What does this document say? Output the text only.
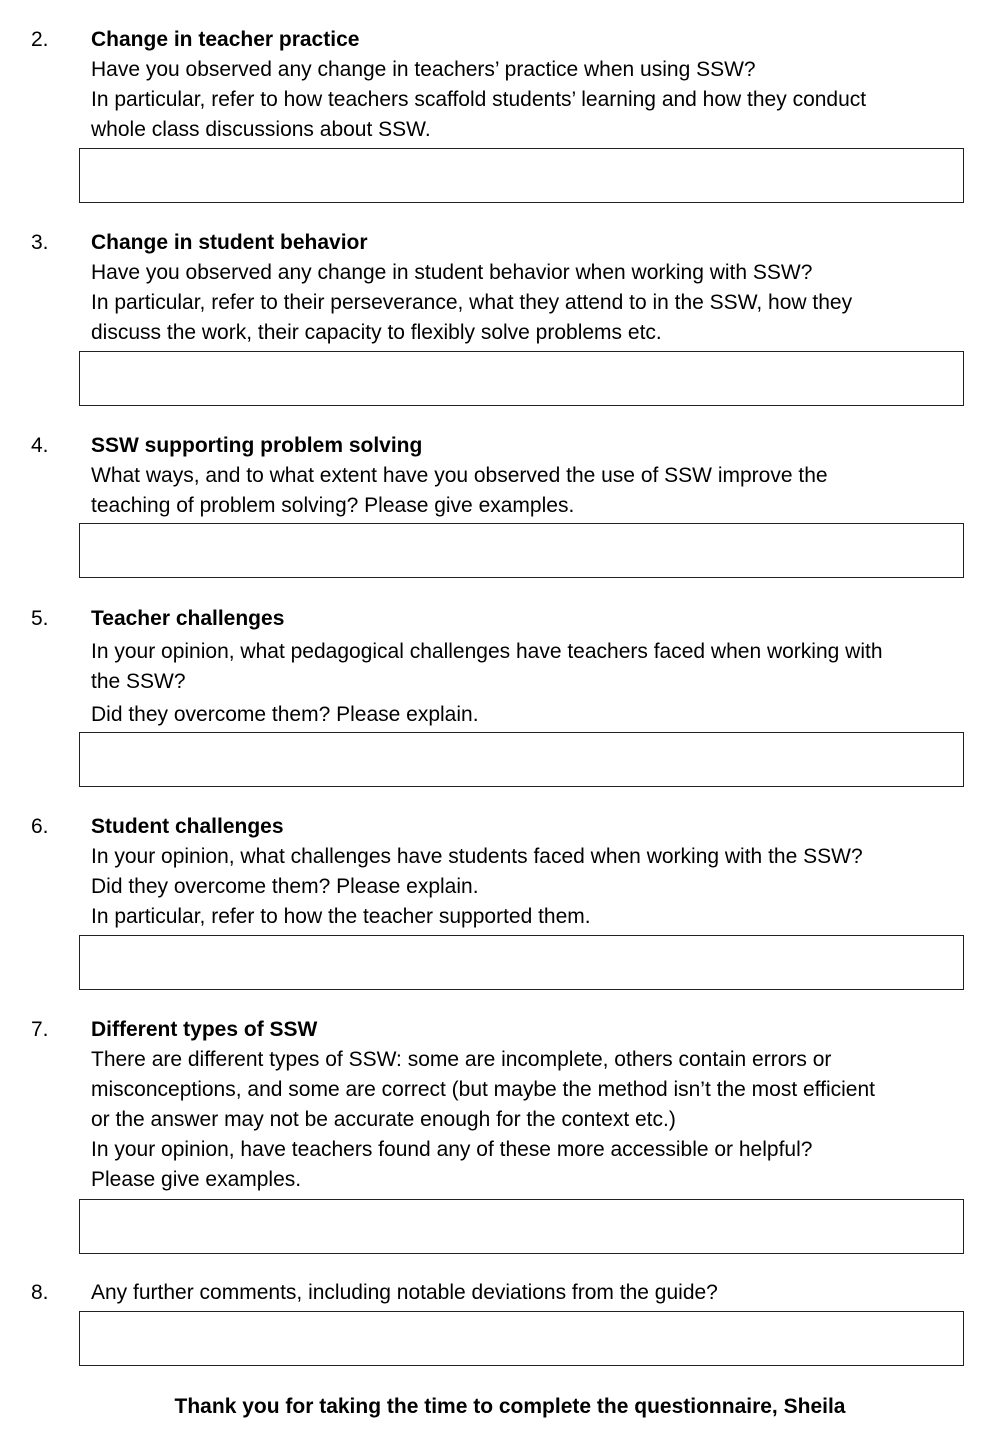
2.	Change in teacher practice
Have you observed any change in teachers’ practice when using SSW?
In particular, refer to how teachers scaffold students’ learning and how they conduct
whole class discussions about SSW.
3.	Change in student behavior
Have you observed any change in student behavior when working with SSW?
In particular, refer to their perseverance, what they attend to in the SSW, how they
discuss the work, their capacity to flexibly solve problems etc.
4.	SSW supporting problem solving
What ways, and to what extent have you observed the use of SSW improve the
teaching of problem solving? Please give examples.
5.	Teacher challenges
In your opinion, what pedagogical challenges have teachers faced when working with
the SSW?
Did they overcome them? Please explain.
6.	Student challenges
In your opinion, what challenges have students faced when working with the SSW?
Did they overcome them? Please explain.
In particular, refer to how the teacher supported them.
7.	Different types of SSW
There are different types of SSW: some are incomplete, others contain errors or
misconceptions, and some are correct (but maybe the method isn’t the most efficient
or the answer may not be accurate enough for the context etc.)
In your opinion, have teachers found any of these more accessible or helpful?
Please give examples.
8.	Any further comments, including notable deviations from the guide?
Thank you for taking the time to complete the questionnaire, Sheila
